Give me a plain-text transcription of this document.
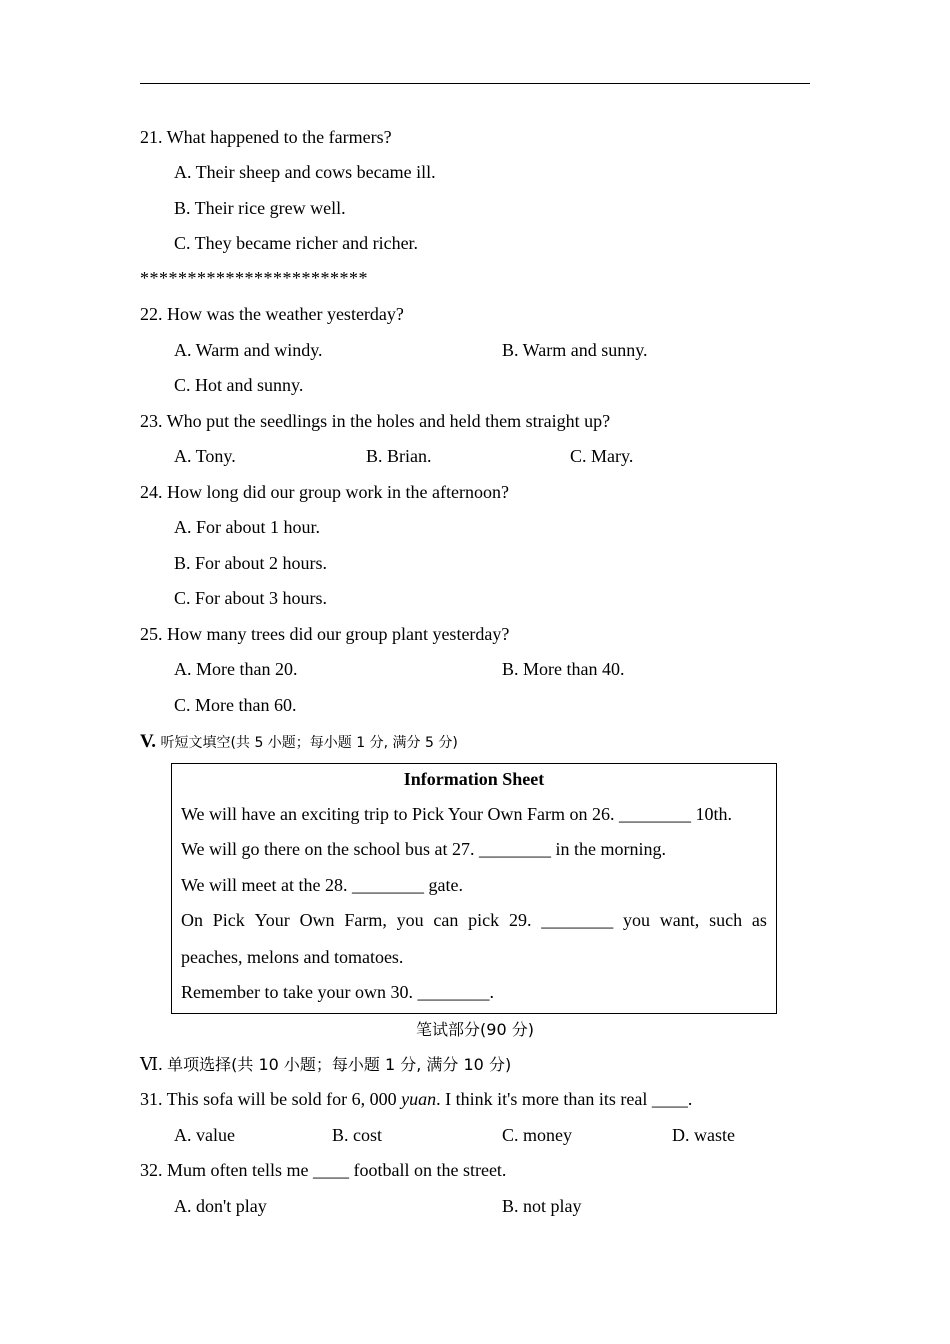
21. What happened to the farmers?
A. Their sheep and cows became ill.
B. Their rice grew well.
C. They became richer and richer.
************************
22. How was the weather yesterday?
A. Warm and windy.	B. Warm and sunny.
C. Hot and sunny.
23. Who put the seedlings in the holes and held them straight up?
A. Tony.	B. Brian.	C. Mary.
24. How long did our group work in the afternoon?
A. For about 1 hour.
B. For about 2 hours.
C. For about 3 hours.
25. How many trees did our group plant yesterday?
A. More than 20.	B. More than 40.
C. More than 60.
V. 听短文填空(共 5 小题；每小题 1 分, 满分 5 分)
Information Sheet
We will have an exciting trip to Pick Your Own Farm on 26. ________ 10th.
We will go there on the school bus at 27. ________ in the morning.
We will meet at the 28. ________ gate.
On Pick Your Own Farm, you can pick 29. ________ you want, such as
peaches, melons and tomatoes.
Remember to take your own 30. ________.
笔试部分(90 分)
Ⅵ. 单项选择(共 10 小题；每小题 1 分, 满分 10 分)
31. This sofa will be sold for 6, 000 yuan. I think it's more than its real ____.
A. value	B. cost	C. money	D. waste
32. Mum often tells me ____ football on the street.
A. don't play	B. not play
